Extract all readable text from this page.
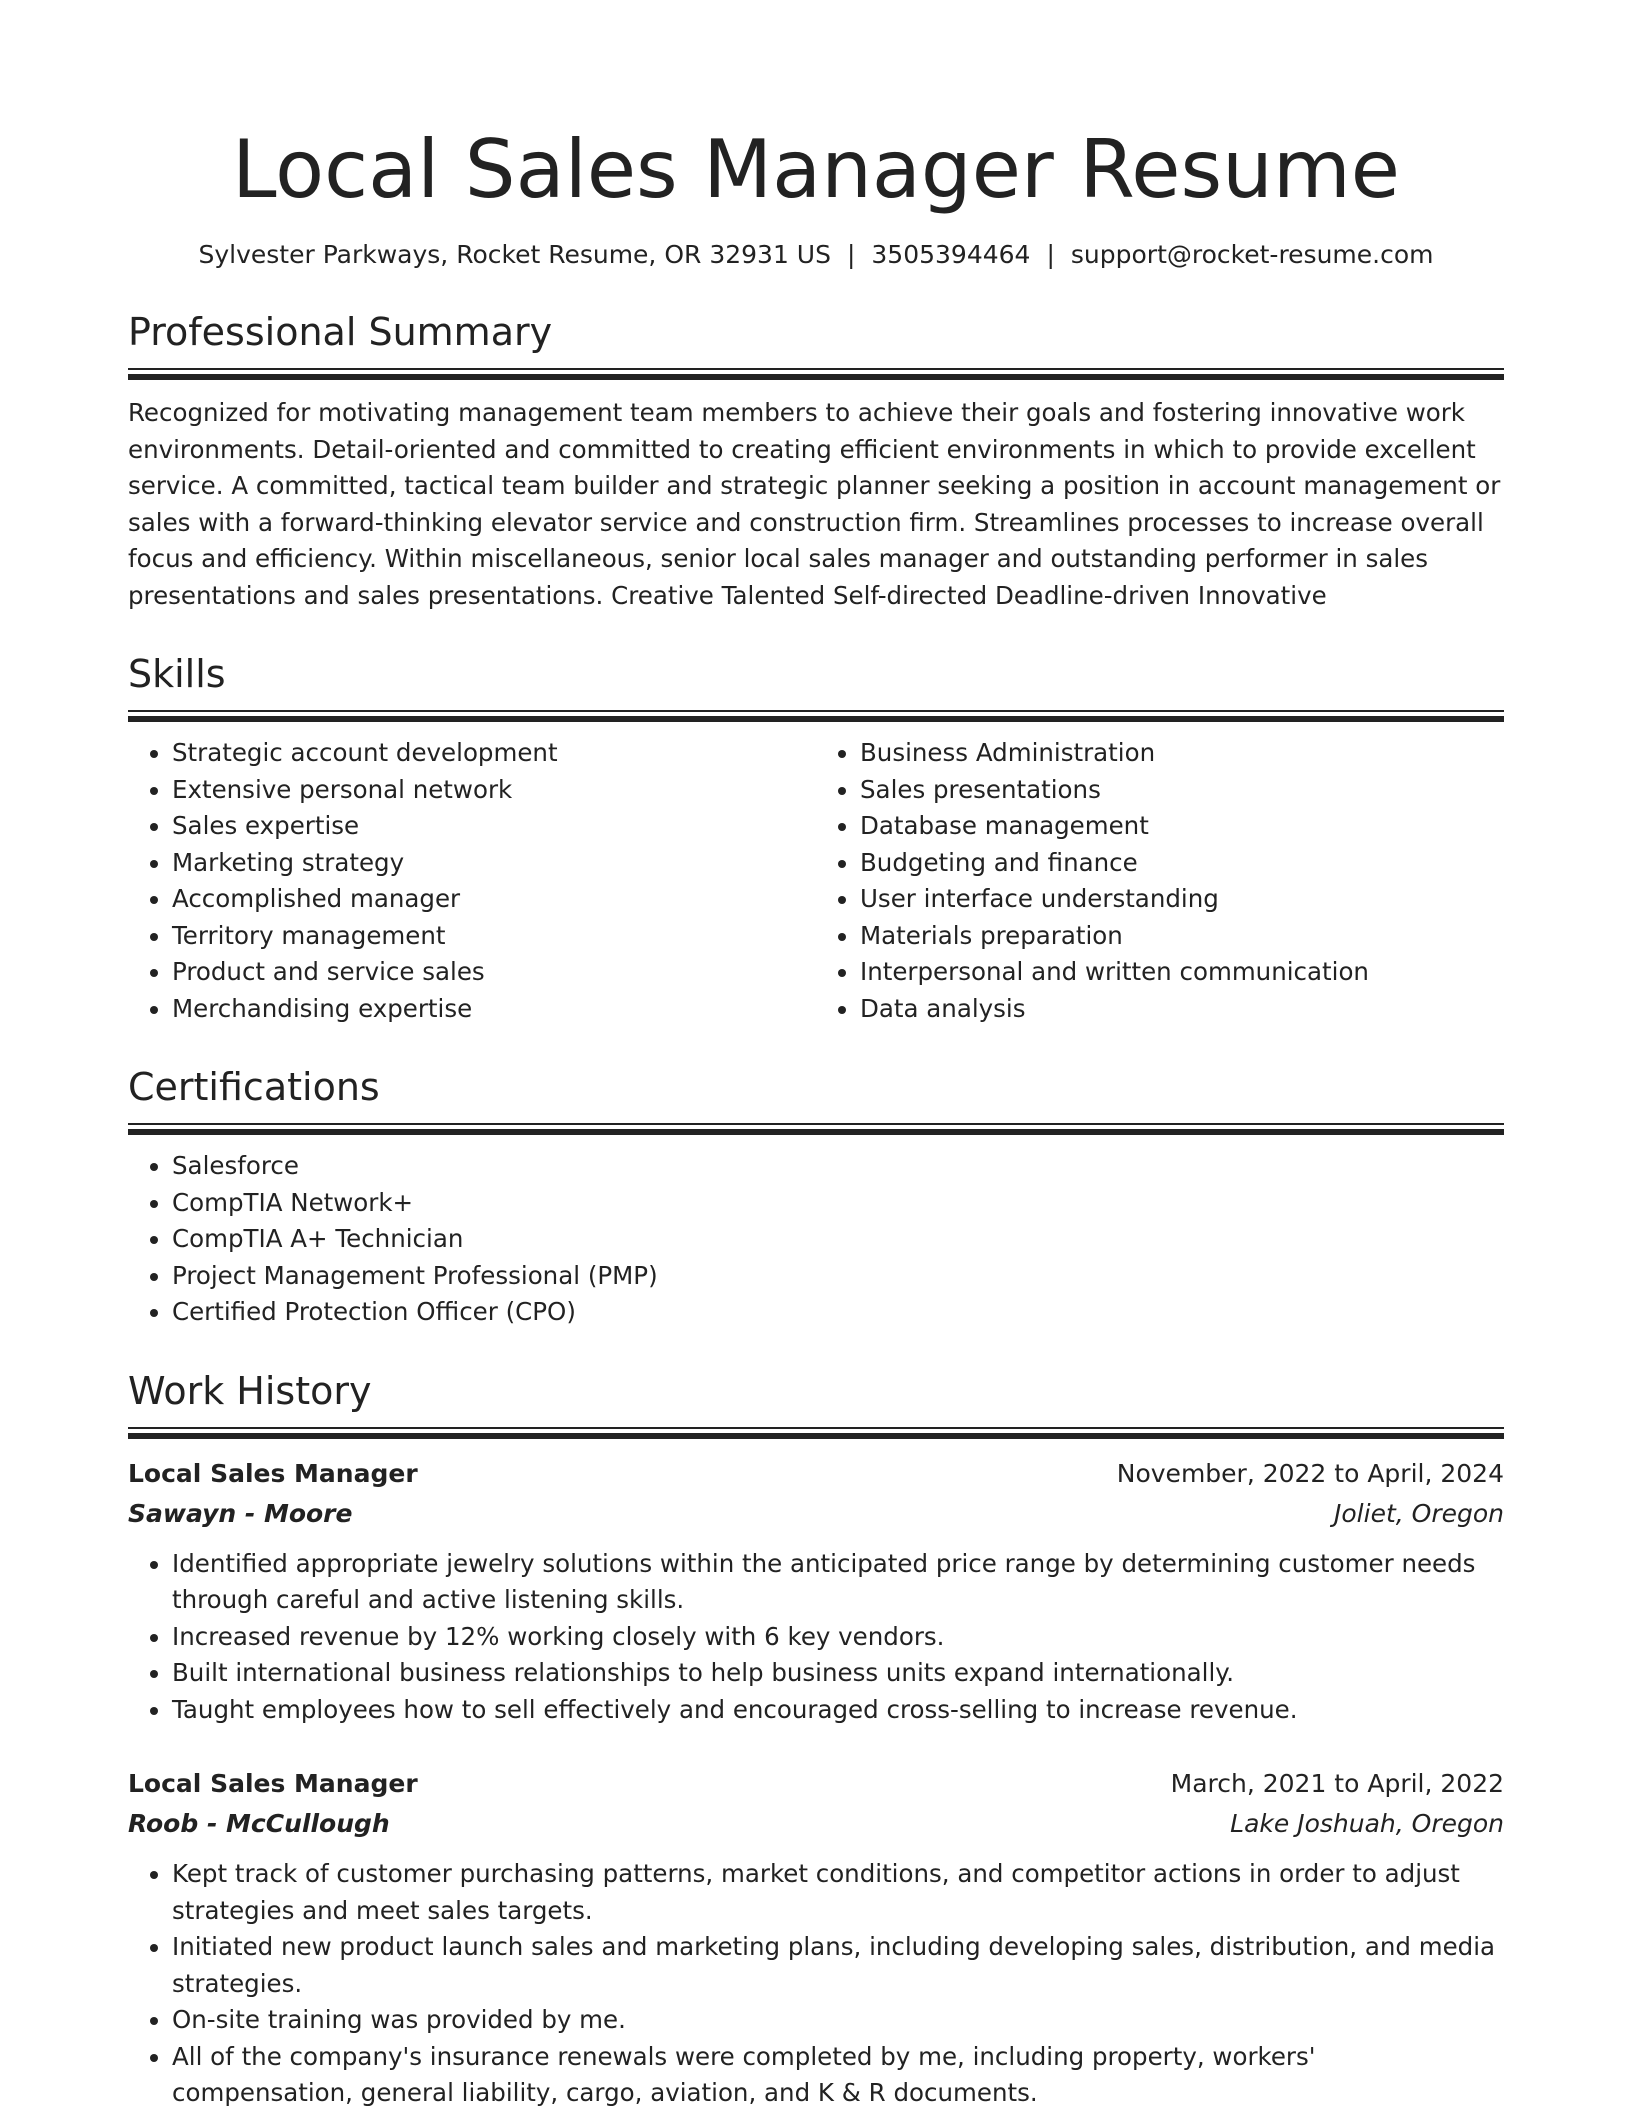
Local Sales Manager Resume
Sylvester Parkways, Rocket Resume, OR 32931 US | 3505394464 | support@rocket-resume.com
Professional Summary
Recognized for motivating management team members to achieve their goals and fostering innovative work environments. Detail-oriented and committed to creating efficient environments in which to provide excellent service. A committed, tactical team builder and strategic planner seeking a position in account management or sales with a forward-thinking elevator service and construction firm. Streamlines processes to increase overall focus and efficiency. Within miscellaneous, senior local sales manager and outstanding performer in sales presentations and sales presentations. Creative Talented Self-directed Deadline-driven Innovative
Skills
• Strategic account development
• Extensive personal network
• Sales expertise
• Marketing strategy
• Accomplished manager
• Territory management
• Product and service sales
• Merchandising expertise
• Business Administration
• Sales presentations
• Database management
• Budgeting and finance
• User interface understanding
• Materials preparation
• Interpersonal and written communication
• Data analysis
Certifications
• Salesforce
• CompTIA Network+
• CompTIA A+ Technician
• Project Management Professional (PMP)
• Certified Protection Officer (CPO)
Work History
Local Sales Manager	November, 2022 to April, 2024
Sawayn - Moore	Joliet, Oregon
• Identified appropriate jewelry solutions within the anticipated price range by determining customer needs through careful and active listening skills.
• Increased revenue by 12% working closely with 6 key vendors.
• Built international business relationships to help business units expand internationally.
• Taught employees how to sell effectively and encouraged cross-selling to increase revenue.
Local Sales Manager	March, 2021 to April, 2022
Roob - McCullough	Lake Joshuah, Oregon
• Kept track of customer purchasing patterns, market conditions, and competitor actions in order to adjust strategies and meet sales targets.
• Initiated new product launch sales and marketing plans, including developing sales, distribution, and media strategies.
• On-site training was provided by me.
• All of the company's insurance renewals were completed by me, including property, workers' compensation, general liability, cargo, aviation, and K & R documents.
